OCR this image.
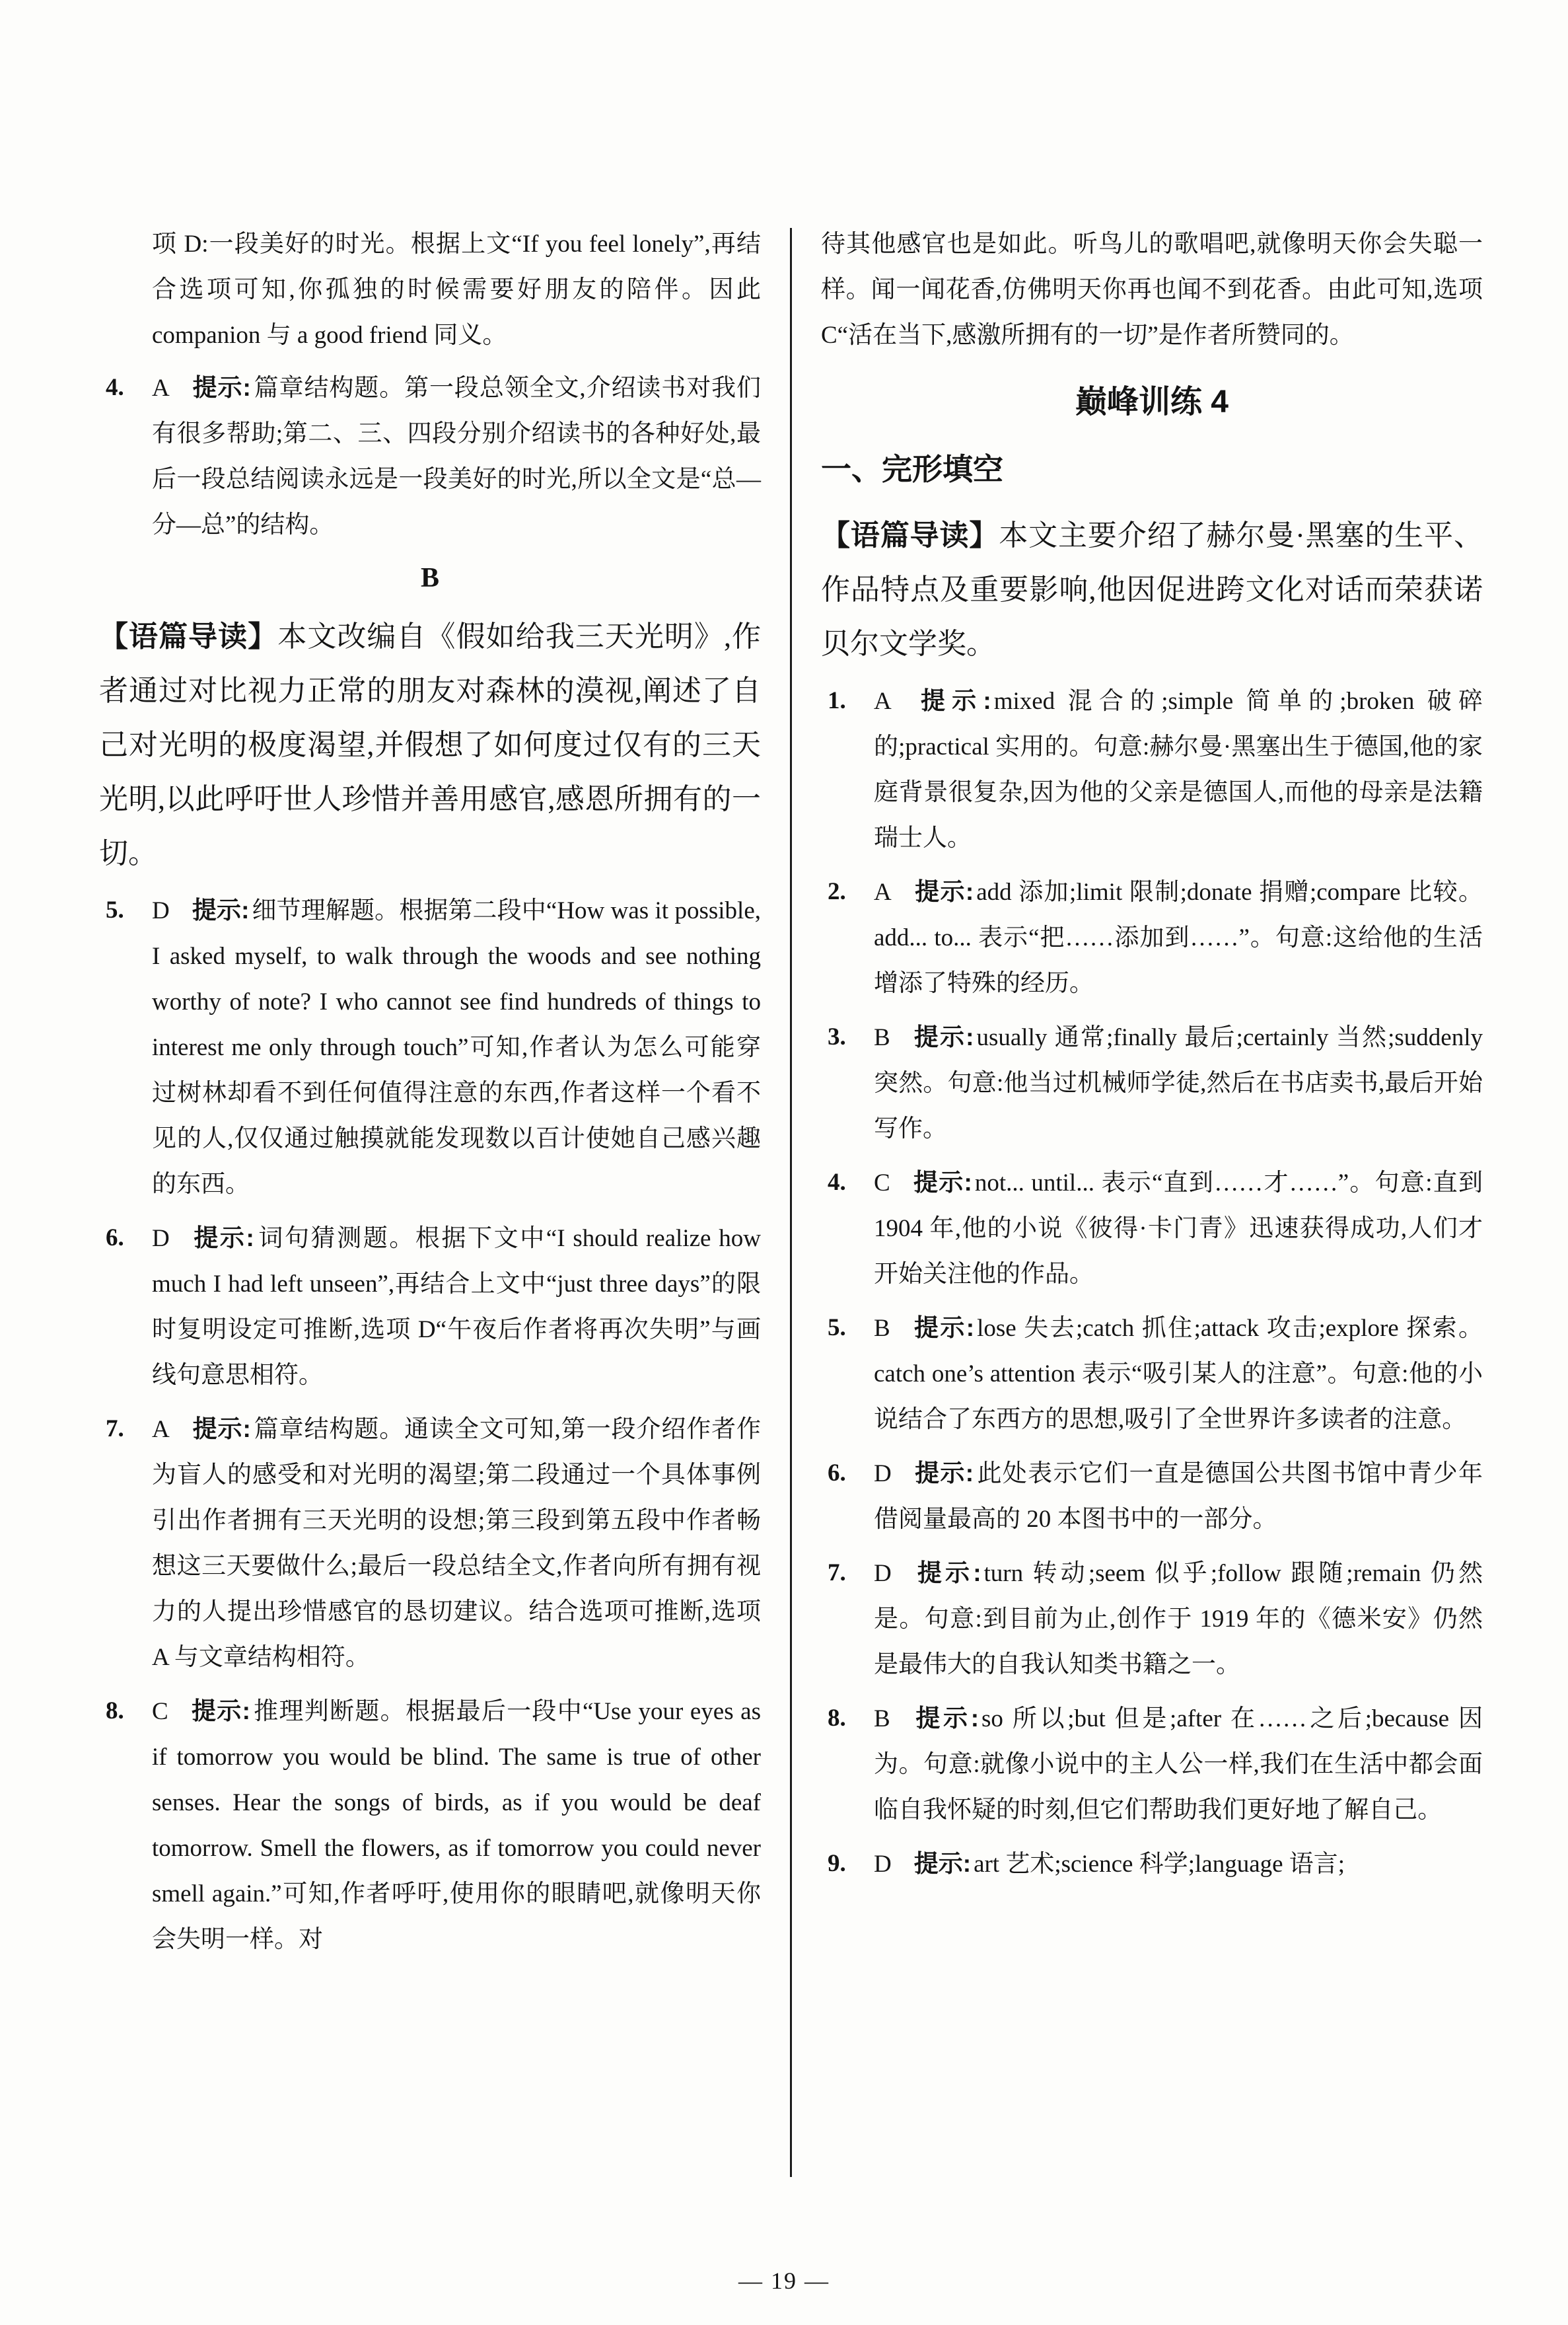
项 D:一段美好的时光。根据上文“If you feel lonely”,再结合选项可知,你孤独的时候需要好朋友的陪伴。因此 companion 与 a good friend 同义。

4.	A 提示: 篇章结构题。第一段总领全文,介绍读书对我们有很多帮助;第二、三、四段分别介绍读书的各种好处,最后一段总结阅读永远是一段美好的时光,所以全文是“总—分—总”的结构。
B

【语篇导读】本文改编自《假如给我三天光明》,作者通过对比视力正常的朋友对森林的漠视,阐述了自己对光明的极度渴望,并假想了如何度过仅有的三天光明,以此呼吁世人珍惜并善用感官,感恩所拥有的一切。

5.	D 提示: 细节理解题。根据第二段中“How was it possible, I asked myself, to walk through the woods and see nothing worthy of note? I who cannot see find hundreds of things to interest me only through touch”可知,作者认为怎么可能穿过树林却看不到任何值得注意的东西,作者这样一个看不见的人,仅仅通过触摸就能发现数以百计使她自己感兴趣的东西。
6.	D 提示: 词句猜测题。根据下文中“I should realize how much I had left unseen”,再结合上文中“just three days”的限时复明设定可推断,选项 D“午夜后作者将再次失明”与画线句意思相符。
7.	A 提示: 篇章结构题。通读全文可知,第一段介绍作者作为盲人的感受和对光明的渴望;第二段通过一个具体事例引出作者拥有三天光明的设想;第三段到第五段中作者畅想这三天要做什么;最后一段总结全文,作者向所有拥有视力的人提出珍惜感官的恳切建议。结合选项可推断,选项 A 与文章结构相符。
8.	C 提示: 推理判断题。根据最后一段中“Use your eyes as if tomorrow you would be blind. The same is true of other senses. Hear the songs of birds, as if you would be deaf tomorrow. Smell the flowers, as if tomorrow you could never smell again.”可知,作者呼吁,使用你的眼睛吧,就像明天你会失明一样。对

待其他感官也是如此。听鸟儿的歌唱吧,就像明天你会失聪一样。闻一闻花香,仿佛明天你再也闻不到花香。由此可知,选项 C“活在当下,感激所拥有的一切”是作者所赞同的。

巅峰训练 4
一、完形填空

【语篇导读】本文主要介绍了赫尔曼·黑塞的生平、作品特点及重要影响,他因促进跨文化对话而荣获诺贝尔文学奖。

1.	A 提示: mixed 混合的;simple 简单的;broken 破碎的;practical 实用的。句意:赫尔曼·黑塞出生于德国,他的家庭背景很复杂,因为他的父亲是德国人,而他的母亲是法籍瑞士人。
2.	A 提示: add 添加;limit 限制;donate 捐赠;compare 比较。add... to... 表示“把……添加到……”。句意:这给他的生活增添了特殊的经历。
3.	B 提示: usually 通常;finally 最后;certainly 当然;suddenly 突然。句意:他当过机械师学徒,然后在书店卖书,最后开始写作。
4.	C 提示: not... until... 表示“直到……才……”。句意:直到 1904 年,他的小说《彼得·卡门青》迅速获得成功,人们才开始关注他的作品。
5.	B 提示: lose 失去;catch 抓住;attack 攻击;explore 探索。catch one’s attention 表示“吸引某人的注意”。句意:他的小说结合了东西方的思想,吸引了全世界许多读者的注意。
6.	D 提示: 此处表示它们一直是德国公共图书馆中青少年借阅量最高的 20 本图书中的一部分。
7.	D 提示: turn 转动;seem 似乎;follow 跟随;remain 仍然是。句意:到目前为止,创作于 1919 年的《德米安》仍然是最伟大的自我认知类书籍之一。
8.	B 提示: so 所以;but 但是;after 在……之后;because 因为。句意:就像小说中的主人公一样,我们在生活中都会面临自我怀疑的时刻,但它们帮助我们更好地了解自己。
9.	D 提示: art 艺术;science 科学;language 语言;
— 19 —
